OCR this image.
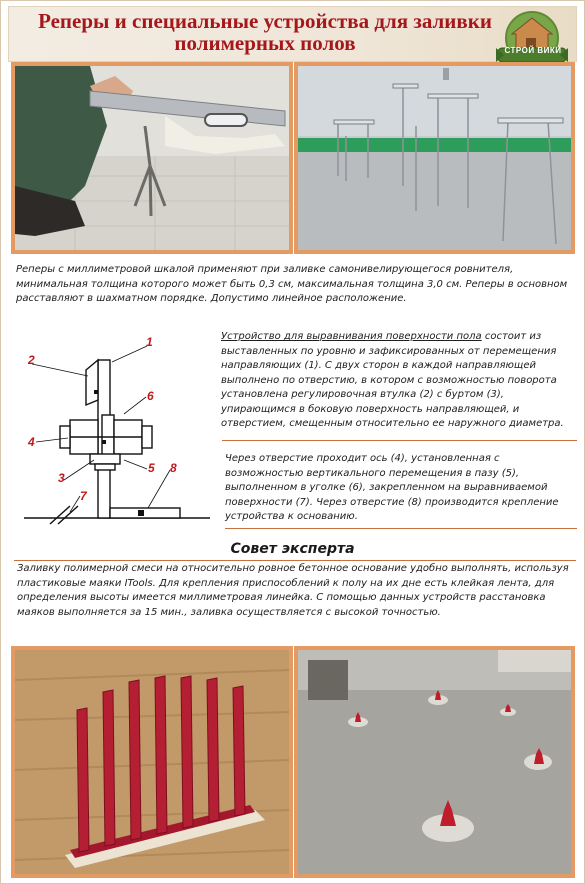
Реперы и специальные устройства для заливки полимерных полов	СТРОЙ ВИКИ
Реперы с миллиметровой шкалой применяют при заливке самонивелирующегося ровнителя, минимальная толщина которого может быть 0,3 см, максимальная толщина 3,0 см. Реперы в основном расставляют в шахматном порядке. Допустимо линейное расположение.
1
2
3
4
5
6
7
8
Устройство для выравнивания поверхности пола состоит из выставленных по уровню и зафиксированных от перемещения направляющих (1). С двух сторон в каждой направляющей выполнено по отверстию, в котором с возможностью поворота установлена регулировочная втулка (2) с буртом (3), упирающимся в боковую поверхность направляющей, и отверстием, смещенным относительно ее наружного диаметра.
Через отверстие проходит ось (4), установленная с возможностью вертикального перемещения в пазу (5), выполненном в уголке (6), закрепленном на выравниваемой поверхности (7). Через отверстие (8) производится крепление устройства к основанию.
Совет эксперта
Заливку полимерной смеси на относительно ровное бетонное основание удобно выполнять, используя пластиковые маяки ITools. Для крепления приспособлений к полу на их дне есть клейкая лента, для определения высоты имеется миллиметровая линейка. С помощью данных устройств расстановка маяков выполняется за 15 мин., заливка осуществляется с высокой точностью.
